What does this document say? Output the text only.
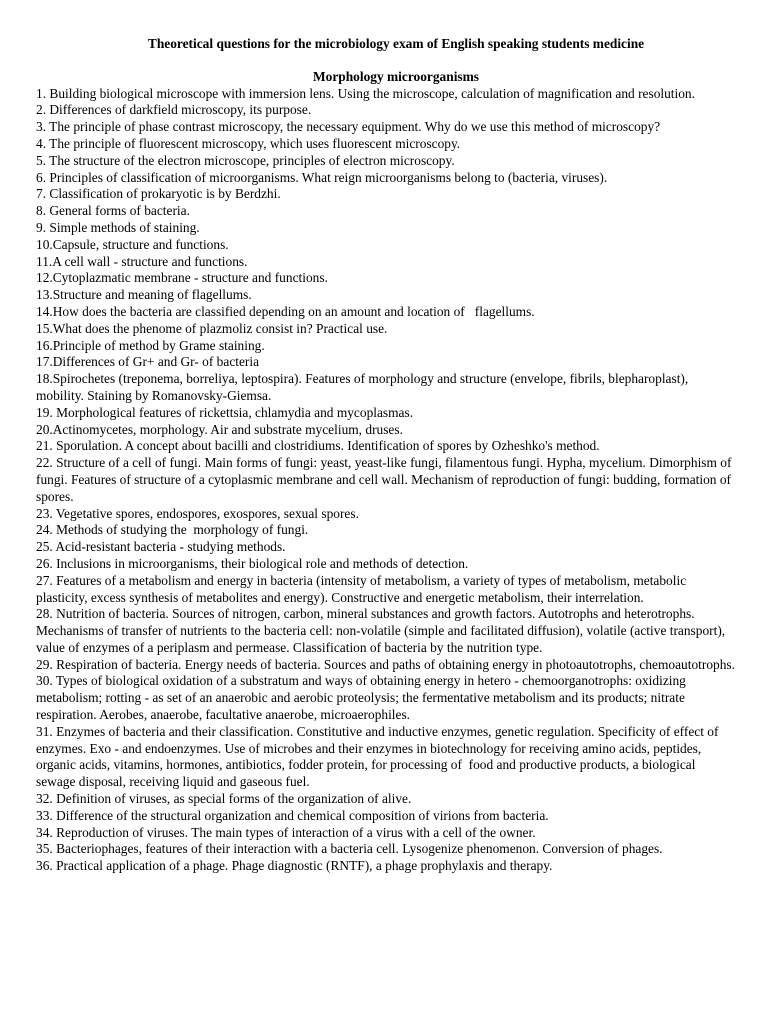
Theoretical questions for the microbiology exam of English speaking students medicine
Morphology microorganisms
1. Building biological microscope with immersion lens. Using the microscope, calculation of magnification and resolution.
2. Differences of darkfield microscopy, its purpose.
3. The principle of phase contrast microscopy, the necessary equipment. Why do we use this method of microscopy?
4. The principle of fluorescent microscopy, which uses fluorescent microscopy.
5. The structure of the electron microscope, principles of electron microscopy.
6. Principles of classification of microorganisms. What reign microorganisms belong to (bacteria, viruses).
7. Classification of prokaryotic is by Berdzhi.
8. General forms of bacteria.
9. Simple methods of staining.
10.Capsule, structure and functions.
11.A cell wall - structure and functions.
12.Cytoplazmatic membrane - structure and functions.
13.Structure and meaning of flagellums.
14.How does the bacteria are classified depending on an amount and location of   flagellums.
15.What does the phenome of plazmoliz consist in? Practical use.
16.Principle of method by Grame staining.
17.Differences of Gr+ and Gr- of bacteria
18.Spirochetes (treponema, borreliya, leptospira). Features of morphology and structure (envelope, fibrils, blepharoplast), mobility. Staining by Romanovsky-Giemsa.
19. Morphological features of rickettsia, chlamydia and mycoplasmas.
20.Actinomycetes, morphology. Air and substrate mycelium, druses.
21. Sporulation. A concept about bacilli and clostridiums. Identification of spores by Ozheshko's method.
22. Structure of a cell of fungi. Main forms of fungi: yeast, yeast-like fungi, filamentous fungi. Hypha, mycelium. Dimorphism of fungi. Features of structure of a cytoplasmic membrane and cell wall. Mechanism of reproduction of fungi: budding, formation of spores.
23. Vegetative spores, endospores, exospores, sexual spores.
24. Methods of studying the  morphology of fungi.
25. Acid-resistant bacteria - studying methods.
26. Inclusions in microorganisms, their biological role and methods of detection.
27. Features of a metabolism and energy in bacteria (intensity of metabolism, a variety of types of metabolism, metabolic plasticity, excess synthesis of metabolites and energy). Constructive and energetic metabolism, their interrelation.
28. Nutrition of bacteria. Sources of nitrogen, carbon, mineral substances and growth factors. Autotrophs and heterotrophs. Mechanisms of transfer of nutrients to the bacteria cell: non-volatile (simple and facilitated diffusion), volatile (active transport), value of enzymes of a periplasm and permease. Classification of bacteria by the nutrition type.
29. Respiration of bacteria. Energy needs of bacteria. Sources and paths of obtaining energy in photoautotrophs, chemoautotrophs.
30. Types of biological oxidation of a substratum and ways of obtaining energy in hetero - chemoorganotrophs: oxidizing metabolism; rotting - as set of an anaerobic and aerobic proteolysis; the fermentative metabolism and its products; nitrate respiration. Aerobes, anaerobe, facultative anaerobe, microaerophiles.
31. Enzymes of bacteria and their classification. Constitutive and inductive enzymes, genetic regulation. Specificity of effect of enzymes. Exo - and endoenzymes. Use of microbes and their enzymes in biotechnology for receiving amino acids, peptides, organic acids, vitamins, hormones, antibiotics, fodder protein, for processing of  food and productive products, a biological sewage disposal, receiving liquid and gaseous fuel.
32. Definition of viruses, as special forms of the organization of alive.
33. Difference of the structural organization and chemical composition of virions from bacteria.
34. Reproduction of viruses. The main types of interaction of a virus with a cell of the owner.
35. Bacteriophages, features of their interaction with a bacteria cell. Lysogenize phenomenon. Conversion of phages.
36. Practical application of a phage. Phage diagnostic (RNTF), a phage prophylaxis and therapy.
